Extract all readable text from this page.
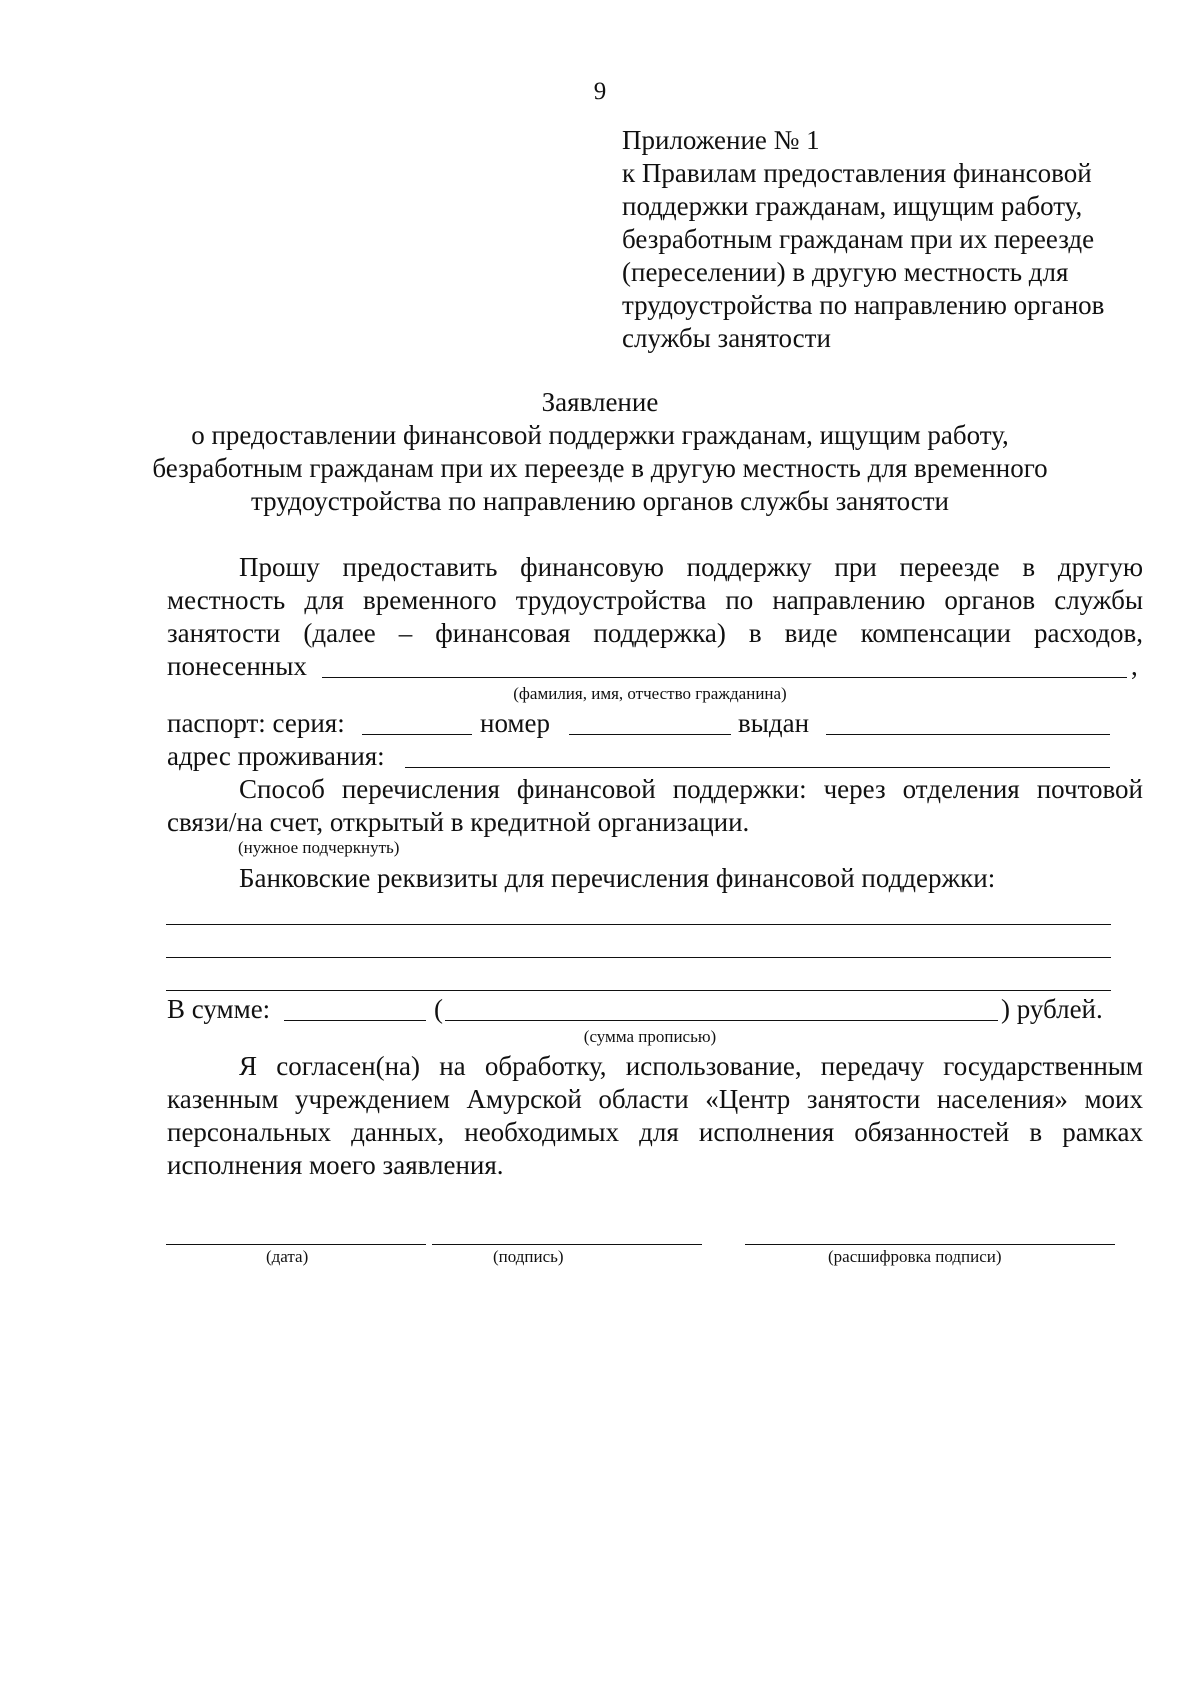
9
Приложение № 1
к Правилам предоставления финансовой
поддержки гражданам, ищущим работу,
безработным гражданам при их переезде
(переселении) в другую местность для
трудоустройства по направлению органов
службы занятости
Заявление
о предоставлении финансовой поддержки гражданам, ищущим работу,
безработным гражданам при их переезде в другую местность для временного
трудоустройства по направлению органов службы занятости
Прошу предоставить финансовую поддержку при переезде в другую
местность для временного трудоустройства по направлению органов службы
занятости (далее – финансовая поддержка) в виде компенсации расходов,
понесенных	,
(фамилия, имя, отчество гражданина)
паспорт: серия:	номер	выдан
адрес проживания:
Способ перечисления финансовой поддержки: через отделения почтовой
связи/на счет, открытый в кредитной организации.
(нужное подчеркнуть)
Банковские реквизиты для перечисления финансовой поддержки:
В сумме:	(	) рублей.
(сумма прописью)
Я согласен(на) на обработку, использование, передачу государственным
казенным учреждением Амурской области «Центр занятости населения» моих
персональных данных, необходимых для исполнения обязанностей в рамках
исполнения моего заявления.
(дата)	(подпись)	(расшифровка подписи)
